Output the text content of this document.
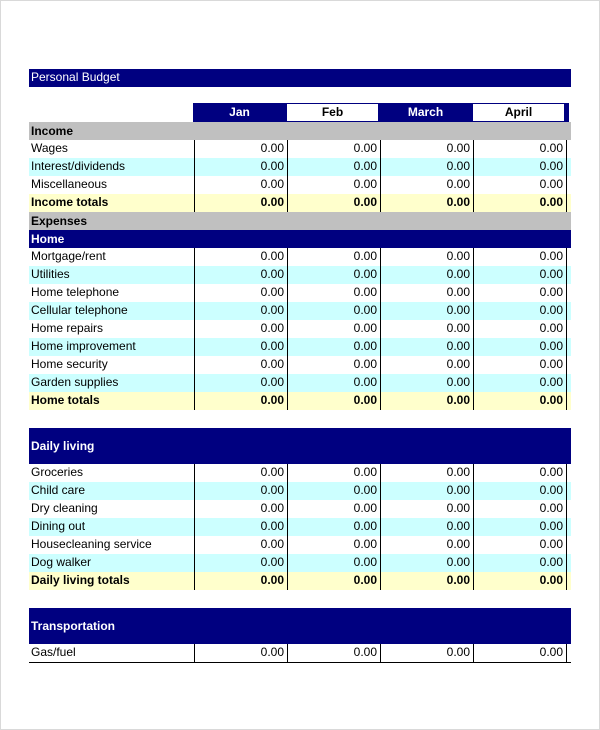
Personal Budget
Jan	Feb	March	April
Income
Wages	0.00	0.00	0.00	0.00
Interest/dividends	0.00	0.00	0.00	0.00
Miscellaneous	0.00	0.00	0.00	0.00
Income totals	0.00	0.00	0.00	0.00
Expenses
Home
Mortgage/rent	0.00	0.00	0.00	0.00
Utilities	0.00	0.00	0.00	0.00
Home telephone	0.00	0.00	0.00	0.00
Cellular telephone	0.00	0.00	0.00	0.00
Home repairs	0.00	0.00	0.00	0.00
Home improvement	0.00	0.00	0.00	0.00
Home security	0.00	0.00	0.00	0.00
Garden supplies	0.00	0.00	0.00	0.00
Home totals	0.00	0.00	0.00	0.00
Daily living
Groceries	0.00	0.00	0.00	0.00
Child care	0.00	0.00	0.00	0.00
Dry cleaning	0.00	0.00	0.00	0.00
Dining out	0.00	0.00	0.00	0.00
Housecleaning service	0.00	0.00	0.00	0.00
Dog walker	0.00	0.00	0.00	0.00
Daily living totals	0.00	0.00	0.00	0.00
Transportation
Gas/fuel	0.00	0.00	0.00	0.00
